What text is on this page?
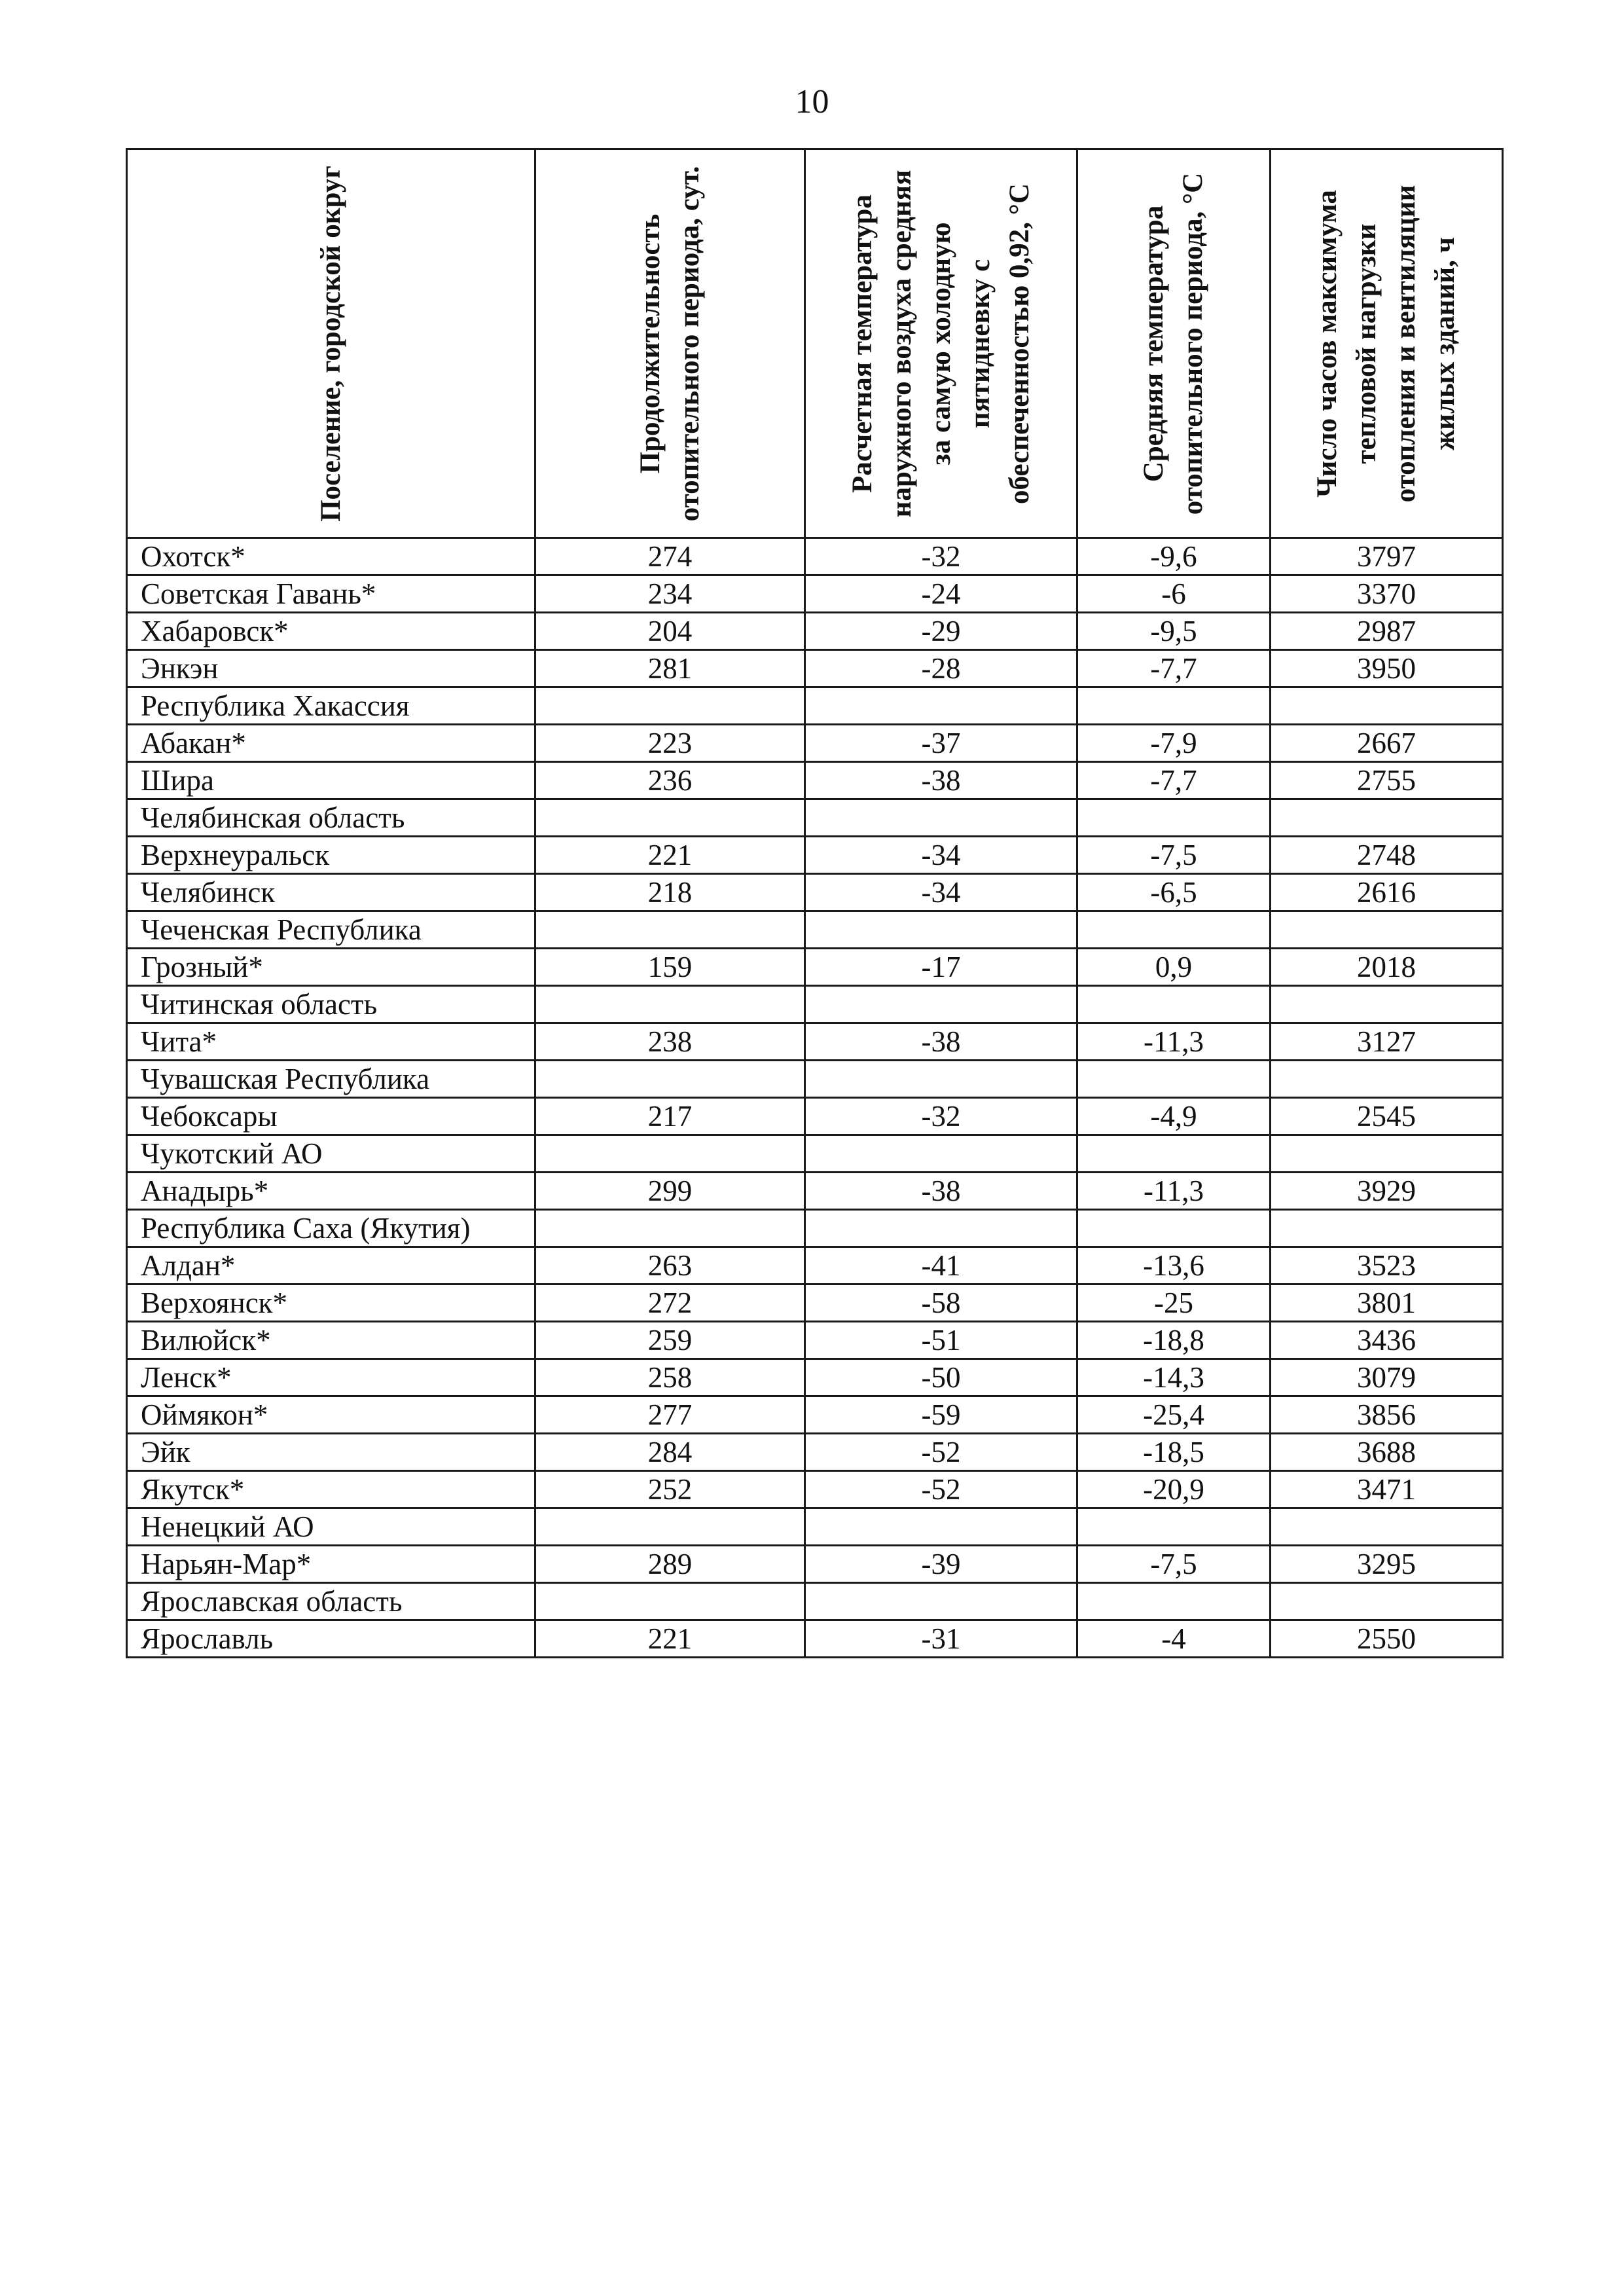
10
Поселение, городской округ	Продолжительность отопительного периода, сут.	Расчетная температура наружного воздуха средняя за самую холодную пятидневку с обеспеченностью 0,92, °С	Средняя температура отопительного периода, °С	Число часов максимума тепловой нагрузки отопления и вентиляции жилых зданий, ч

Охотск*	274	-32	-9,6	3797
Советская Гавань*	234	-24	-6	3370
Хабаровск*	204	-29	-9,5	2987
Энкэн	281	-28	-7,7	3950
Республика Хакассия				
Абакан*	223	-37	-7,9	2667
Шира	236	-38	-7,7	2755
Челябинская область				
Верхнеуральск	221	-34	-7,5	2748
Челябинск	218	-34	-6,5	2616
Чеченская Республика				
Грозный*	159	-17	0,9	2018
Читинская область				
Чита*	238	-38	-11,3	3127
Чувашская Республика				
Чебоксары	217	-32	-4,9	2545
Чукотский АО				
Анадырь*	299	-38	-11,3	3929
Республика Саха (Якутия)				
Алдан*	263	-41	-13,6	3523
Верхоянск*	272	-58	-25	3801
Вилюйск*	259	-51	-18,8	3436
Ленск*	258	-50	-14,3	3079
Оймякон*	277	-59	-25,4	3856
Эйк	284	-52	-18,5	3688
Якутск*	252	-52	-20,9	3471
Ненецкий АО				
Нарьян-Мар*	289	-39	-7,5	3295
Ярославская область				
Ярославль	221	-31	-4	2550
